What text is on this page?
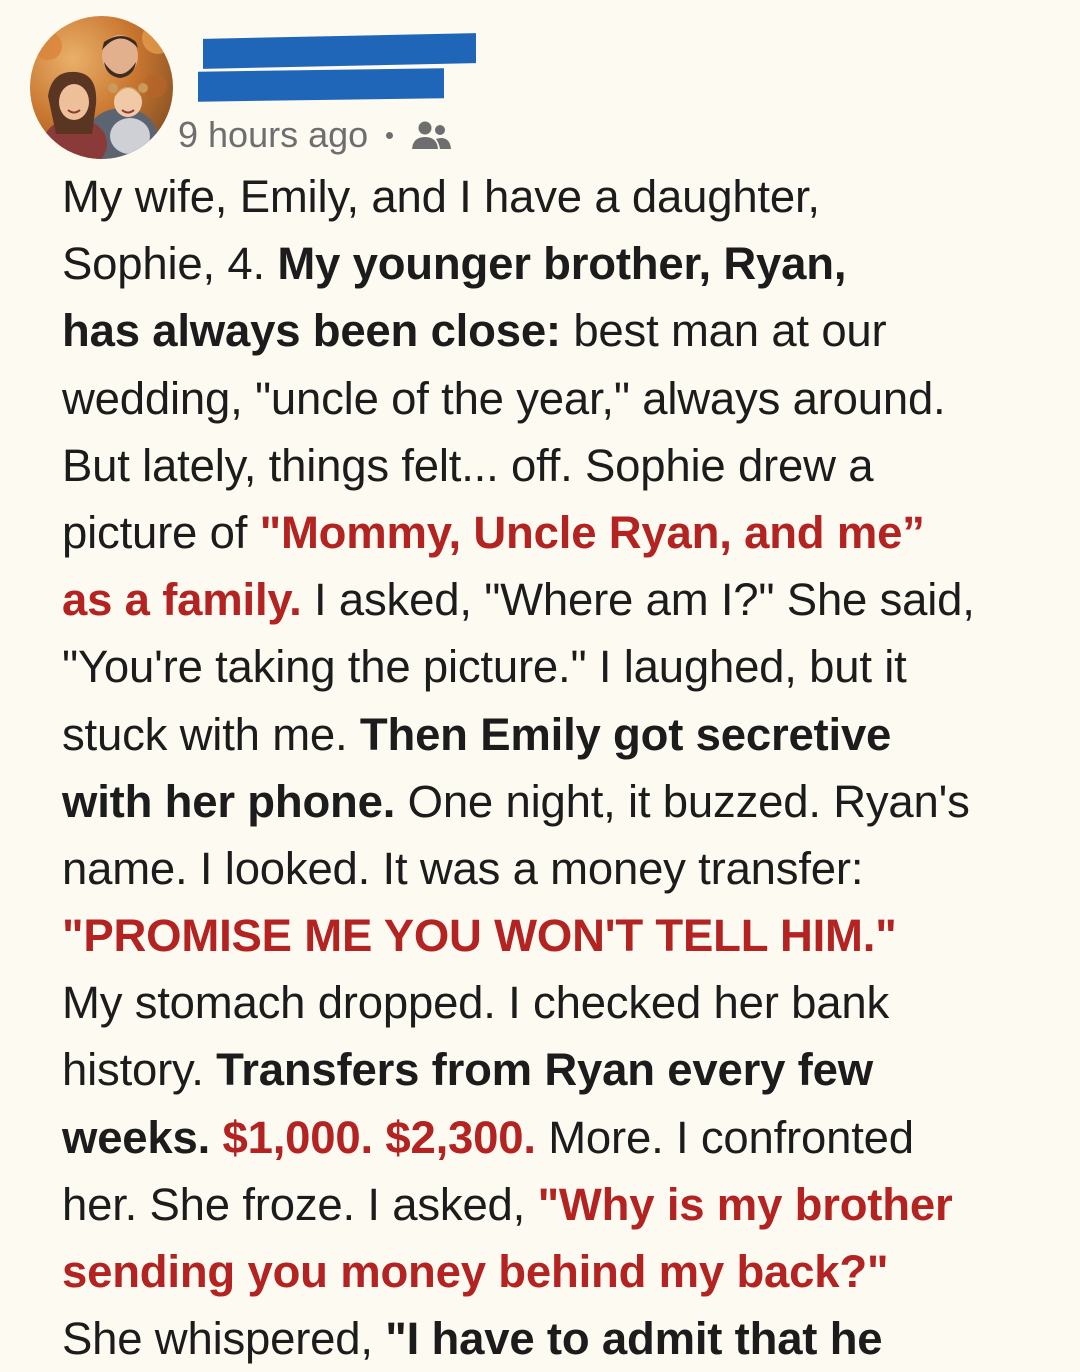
9 hours ago
My wife, Emily, and I have a daughter,
Sophie, 4. My younger brother, Ryan,
has always been close: best man at our
wedding, "uncle of the year," always around.
But lately, things felt... off. Sophie drew a
picture of "Mommy, Uncle Ryan, and me”
as a family. I asked, "Where am I?" She said,
"You're taking the picture." I laughed, but it
stuck with me. Then Emily got secretive
with her phone. One night, it buzzed. Ryan's
name. I looked. It was a money transfer:
"PROMISE ME YOU WON'T TELL HIM."
My stomach dropped. I checked her bank
history. Transfers from Ryan every few
weeks. $1,000. $2,300. More. I confronted
her. She froze. I asked, "Why is my brother
sending you money behind my back?"
She whispered, "I have to admit that he
